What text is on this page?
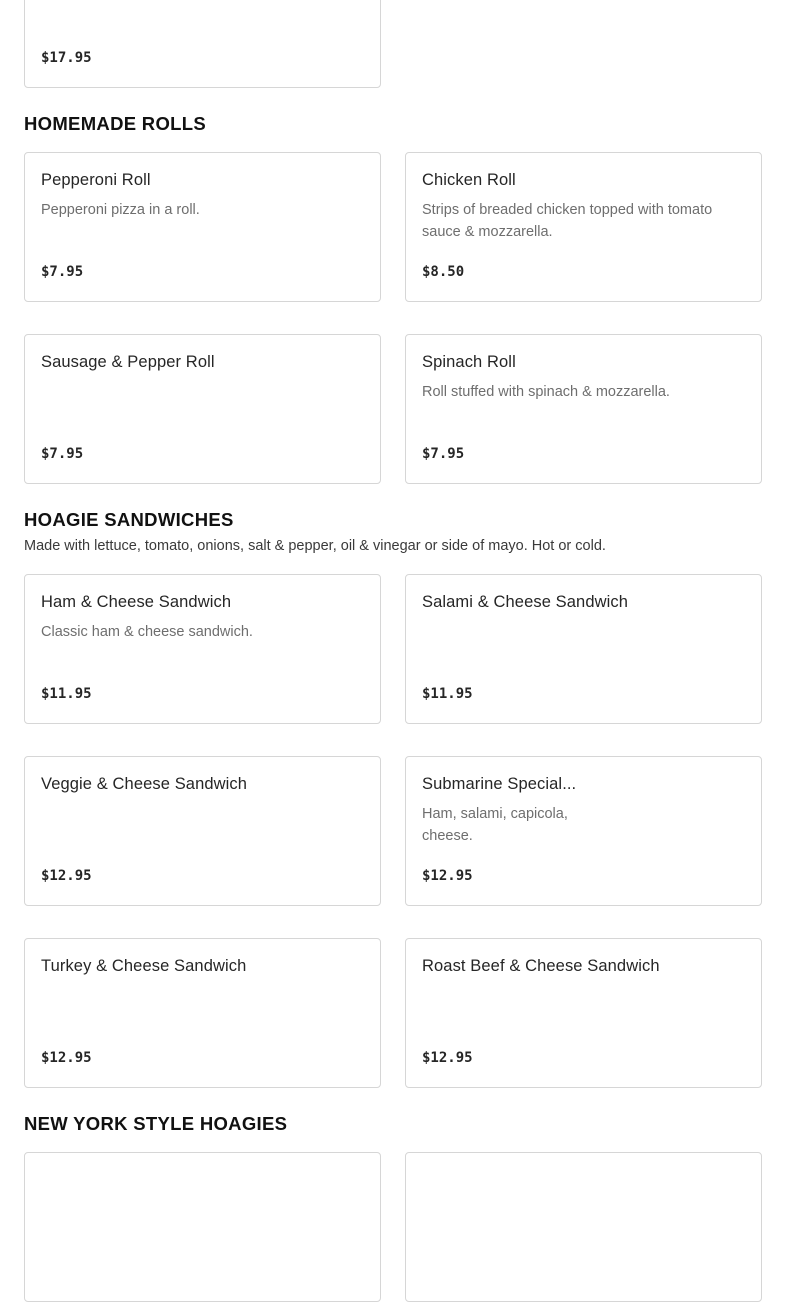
$17.95
HOMEMADE ROLLS
Pepperoni Roll
Pepperoni pizza in a roll.
$7.95
Chicken Roll
Strips of breaded chicken topped with tomato sauce & mozzarella.
$8.50
Sausage & Pepper Roll
$7.95
Spinach Roll
Roll stuffed with spinach & mozzarella.
$7.95
HOAGIE SANDWICHES
Made with lettuce, tomato, onions, salt & pepper, oil & vinegar or side of mayo. Hot or cold.
Ham & Cheese Sandwich
Classic ham & cheese sandwich.
$11.95
Salami & Cheese Sandwich
$11.95
Veggie & Cheese Sandwich
$12.95
Submarine Special...
Ham, salami, capicola, cheese.
$12.95
Turkey & Cheese Sandwich
$12.95
Roast Beef & Cheese Sandwich
$12.95
NEW YORK STYLE HOAGIES
